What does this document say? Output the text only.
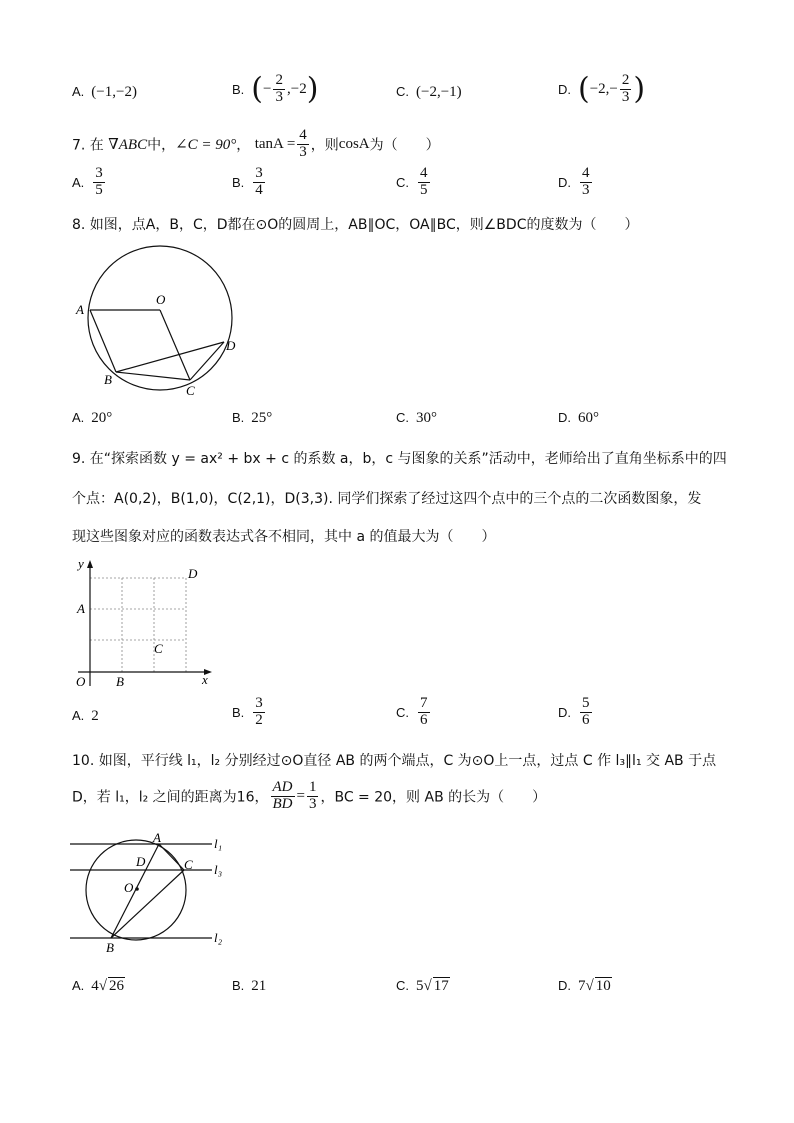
A. (−1,−2)	B. (− $\frac{2}{3} ,-2$)	C. (−2,−1)	D. ($-2,- \frac{2}{3}$ )
7. 在 ∇ABC中，∠C = 90°， $\tan A = \frac{4}{3}$ ，则cosA为（　　）
A. $\frac{3}{5}$	B. $\frac{3}{4}$	C. $\frac{4}{5}$	D. $\frac{4}{3}$
8. 如图，点A，B，C，D都在⊙O的圆周上，AB∥OC，OA∥BC，则∠BDC的度数为（　　）
A
O
D
B
C
A. 20°	B. 25°	C. 30°	D. 60°
9. 在“探索函数 y = ax² + bx + c 的系数 a，b，c 与图象的关系”活动中，老师给出了直角坐标系中的四
个点：A(0,2)，B(1,0)，C(2,1)，D(3,3). 同学们探索了经过这四个点中的三个点的二次函数图象，发
现这些图象对应的函数表达式各不相同，其中 a 的值最大为（　　）
y
x
O
A
B
C
D
A. 2	B. $\frac{3}{2}$	C. $\frac{7}{6}$	D. $\frac{5}{6}$
10. 如图，平行线 l₁，l₂ 分别经过⊙O直径 AB 的两个端点，C 为⊙O上一点，过点 C 作 l₃∥l₁ 交 AB 于点
D，若 l₁，l₂ 之间的距离为16， $\frac{AD}{BD} = \frac{1}{3}$ ，BC = 20，则 AB 的长为（　　）
A
D	C
O
B
l₁
l₃
l₂
A. 4√ 26	B. 21	C. 5√ 17	D. 7√ 10
